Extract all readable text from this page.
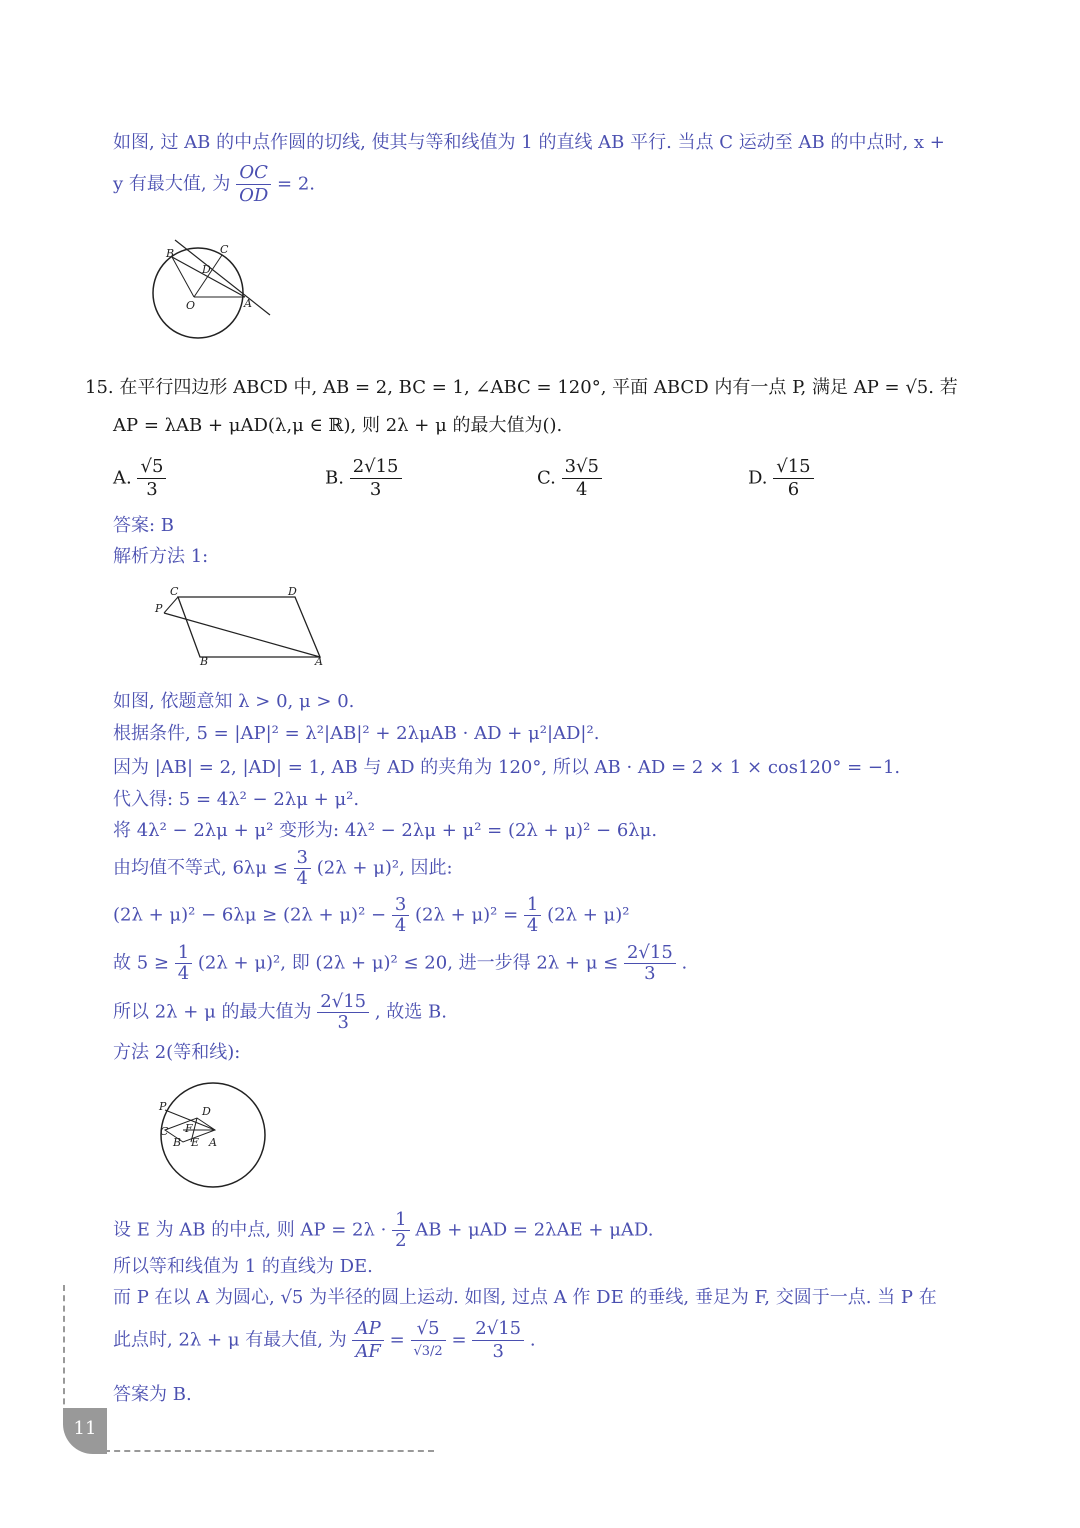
如图, 过 AB 的中点作圆的切线, 使其与等和线值为 1 的直线 AB 平行. 当点 C 运动至 AB 的中点时, x +
y 有最大值, 为 $\frac{OC}{OD} = 2$.
B	C
D
O	A
15. 在平行四边形 ABCD 中, AB = 2, BC = 1, ∠ABC = 120°, 平面 ABCD 内有一点 P, 满足 AP = √5. 若
AP = λAB + μAD(λ,μ ∈ ℝ), 则 2λ + μ 的最大值为().
A. $\frac{√5}{3}$	B. $\frac{2√15}{3}$	C. $\frac{3√5}{4}$	D. $\frac{√15}{6}$
答案: B
解析方法 1:
C	D
P
B	A
如图, 依题意知 λ > 0, μ > 0.
根据条件, 5 = |AP|² = λ²|AB|² + 2λμAB · AD + μ²|AD|².
因为 |AB| = 2, |AD| = 1, AB 与 AD 的夹角为 120°, 所以 AB · AD = 2 × 1 × cos120° = −1.
代入得: 5 = 4λ² − 2λμ + μ².
将 4λ² − 2λμ + μ² 变形为: 4λ² − 2λμ + μ² = (2λ + μ)² − 6λμ.
由均值不等式, $6\lambda\mu \le \frac{3}{4} (2\lambda + \mu)^2$, 因此:
$(2\lambda + \mu)^2 - 6\lambda\mu \ge (2\lambda + \mu)^2 - \frac{3}{4} (2\lambda + \mu)^2 = \frac{1}{4} (2\lambda + \mu)^2$
故 $5 \ge \frac{1}{4} (2\lambda + \mu)^2$, 即 (2λ + μ)² ≤ 20, 进一步得 $2\lambda + \mu \le \frac{2√15}{3}$ .
所以 2λ + μ 的最大值为 $\frac{2√15}{3}$ , 故选 B.
方法 2(等和线):
P	D
C F
B E A
设 E 为 AB 的中点, 则 AP = $2\lambda \cdot \frac{1}{2}$ AB + μAD = 2λAE + μAD.
所以等和线值为 1 的直线为 DE.
而 P 在以 A 为圆心, √5 为半径的圆上运动. 如图, 过点 A 作 DE 的垂线, 垂足为 F, 交圆于一点. 当 P 在
此点时, 2λ + μ 有最大值, 为 $\frac{AP}{AF} = \frac{√5}{√3/2} = \frac{2√15}{3}$ .
答案为 B.
11
